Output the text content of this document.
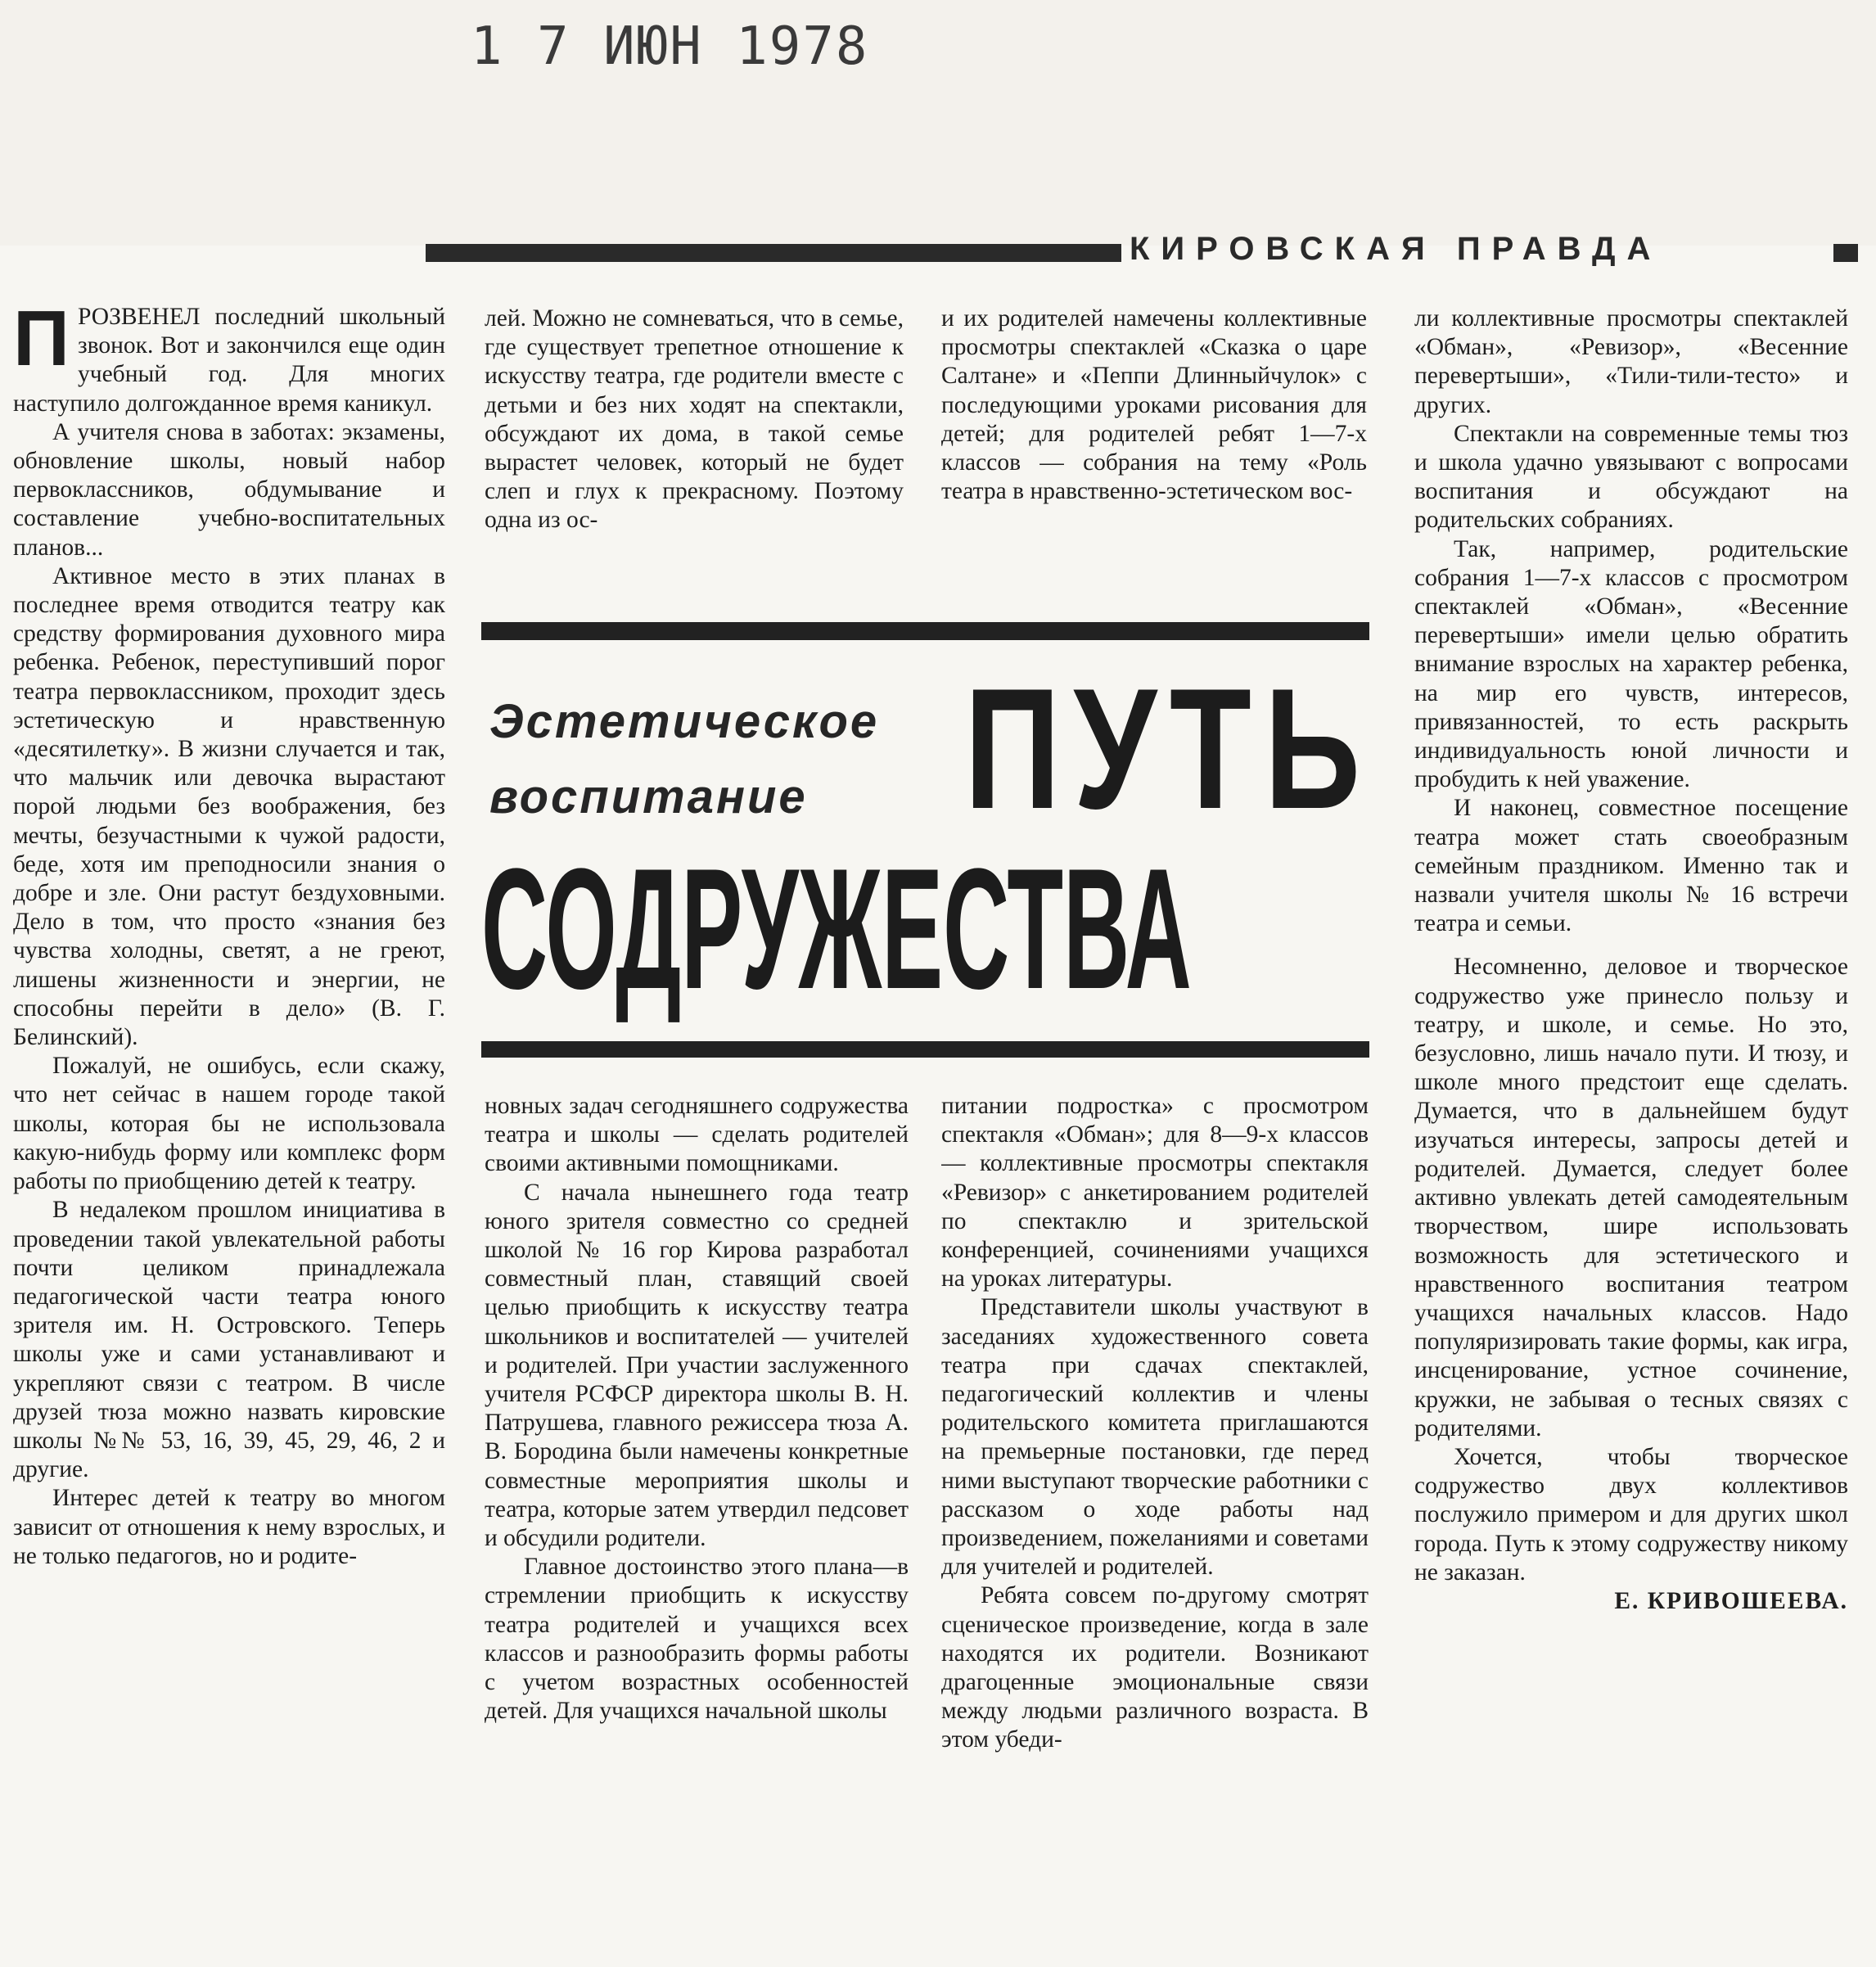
1 7 ИЮН 1978
КИРОВСКАЯ ПРАВДА

ПРОЗВЕНЕЛ последний школьный звонок. Вот и закончился еще один учебный год. Для многих наступило долгожданное время каникул.

А учителя снова в заботах: экзамены, обновление школы, новый набор первоклассников, обдумывание и составление учебно-воспитательных планов...

Активное место в этих планах в последнее время отводится театру как средству формирования духовного мира ребенка. Ребенок, переступивший порог театра первоклассником, проходит здесь эстетическую и нравственную «десятилетку». В жизни случается и так, что мальчик или девочка вырастают порой людьми без воображения, без мечты, безучастными к чужой радости, беде, хотя им преподносили знания о добре и зле. Они растут бездуховными. Дело в том, что просто «знания без чувства холодны, светят, а не греют, лишены жизненности и энергии, не способны перейти в дело» (В. Г. Белинский).

Пожалуй, не ошибусь, если скажу, что нет сейчас в нашем городе такой школы, которая бы не использовала какую-нибудь форму или комплекс форм работы по приобщению детей к театру.

В недалеком прошлом инициатива в проведении такой увлекательной работы почти целиком принадлежала педагогической части театра юного зрителя им. Н. Островского. Теперь школы уже и сами устанавливают и укрепляют связи с театром. В числе друзей тюза можно назвать кировские школы №№ 53, 16, 39, 45, 29, 46, 2 и другие.

Интерес детей к театру во многом зависит от отношения к нему взрослых, и не только педагогов, но и родите-

лей. Можно не сомневаться, что в семье, где существует трепетное отношение к искусству театра, где родители вместе с детьми и без них ходят на спектакли, обсуждают их дома, в такой семье вырастет человек, который не будет слеп и глух к прекрасному. Поэтому одна из ос-

и их родителей намечены коллективные просмотры спектаклей «Сказка о царе Салтане» и «Пеппи Длинныйчулок» с последующими уроками рисования для детей; для родителей ребят 1—7-х классов — собрания на тему «Роль театра в нравственно-эстетическом вос-

Эстетическое
воспитание ПУТЬ
СОДРУЖЕСТВА

новных задач сегодняшнего содружества театра и школы — сделать родителей своими активными помощниками.

С начала нынешнего года театр юного зрителя совместно со средней школой № 16 гор Кирова разработал совместный план, ставящий своей целью приобщить к искусству театра школьников и воспитателей — учителей и родителей. При участии заслуженного учителя РСФСР директора школы В. Н. Патрушева, главного режиссера тюза А. В. Бородина были намечены конкретные совместные мероприятия школы и театра, которые затем утвердил педсовет и обсудили родители.

Главное достоинство этого плана—в стремлении приобщить к искусству театра родителей и учащихся всех классов и разнообразить формы работы с учетом возрастных особенностей детей. Для учащихся начальной школы

питании подростка» с просмотром спектакля «Обман»; для 8—9-х классов — коллективные просмотры спектакля «Ревизор» с анкетированием родителей по спектаклю и зрительской конференцией, сочинениями учащихся на уроках литературы.

Представители школы участвуют в заседаниях художественного совета театра при сдачах спектаклей, педагогический коллектив и члены родительского комитета приглашаются на премьерные постановки, где перед ними выступают творческие работники с рассказом о ходе работы над произведением, пожеланиями и советами для учителей и родителей.

Ребята совсем по-другому смотрят сценическое произведение, когда в зале находятся их родители. Возникают драгоценные эмоциональные связи между людьми различного возраста. В этом убеди-

ли коллективные просмотры спектаклей «Обман», «Ревизор», «Весенние перевертыши», «Тили-тили-тесто» и других.

Спектакли на современные темы тюз и школа удачно увязывают с вопросами воспитания и обсуждают на родительских собраниях.

Так, например, родительские собрания 1—7-х классов с просмотром спектаклей «Обман», «Весенние перевертыши» имели целью обратить внимание взрослых на характер ребенка, на мир его чувств, интересов, привязанностей, то есть раскрыть индивидуальность юной личности и пробудить к ней уважение.

И наконец, совместное посещение театра может стать своеобразным семейным праздником. Именно так и назвали учителя школы № 16 встречи театра и семьи.

Несомненно, деловое и творческое содружество уже принесло пользу и театру, и школе, и семье. Но это, безусловно, лишь начало пути. И тюзу, и школе много предстоит еще сделать. Думается, что в дальнейшем будут изучаться интересы, запросы детей и родителей. Думается, следует более активно увлекать детей самодеятельным творчеством, шире использовать возможность для эстетического и нравственного воспитания театром учащихся начальных классов. Надо популяризировать такие формы, как игра, инсценирование, устное сочинение, кружки, не забывая о тесных связях с родителями.

Хочется, чтобы творческое содружество двух коллективов послужило примером и для других школ города. Путь к этому содружеству никому не заказан.

Е. КРИВОШЕЕВА.
